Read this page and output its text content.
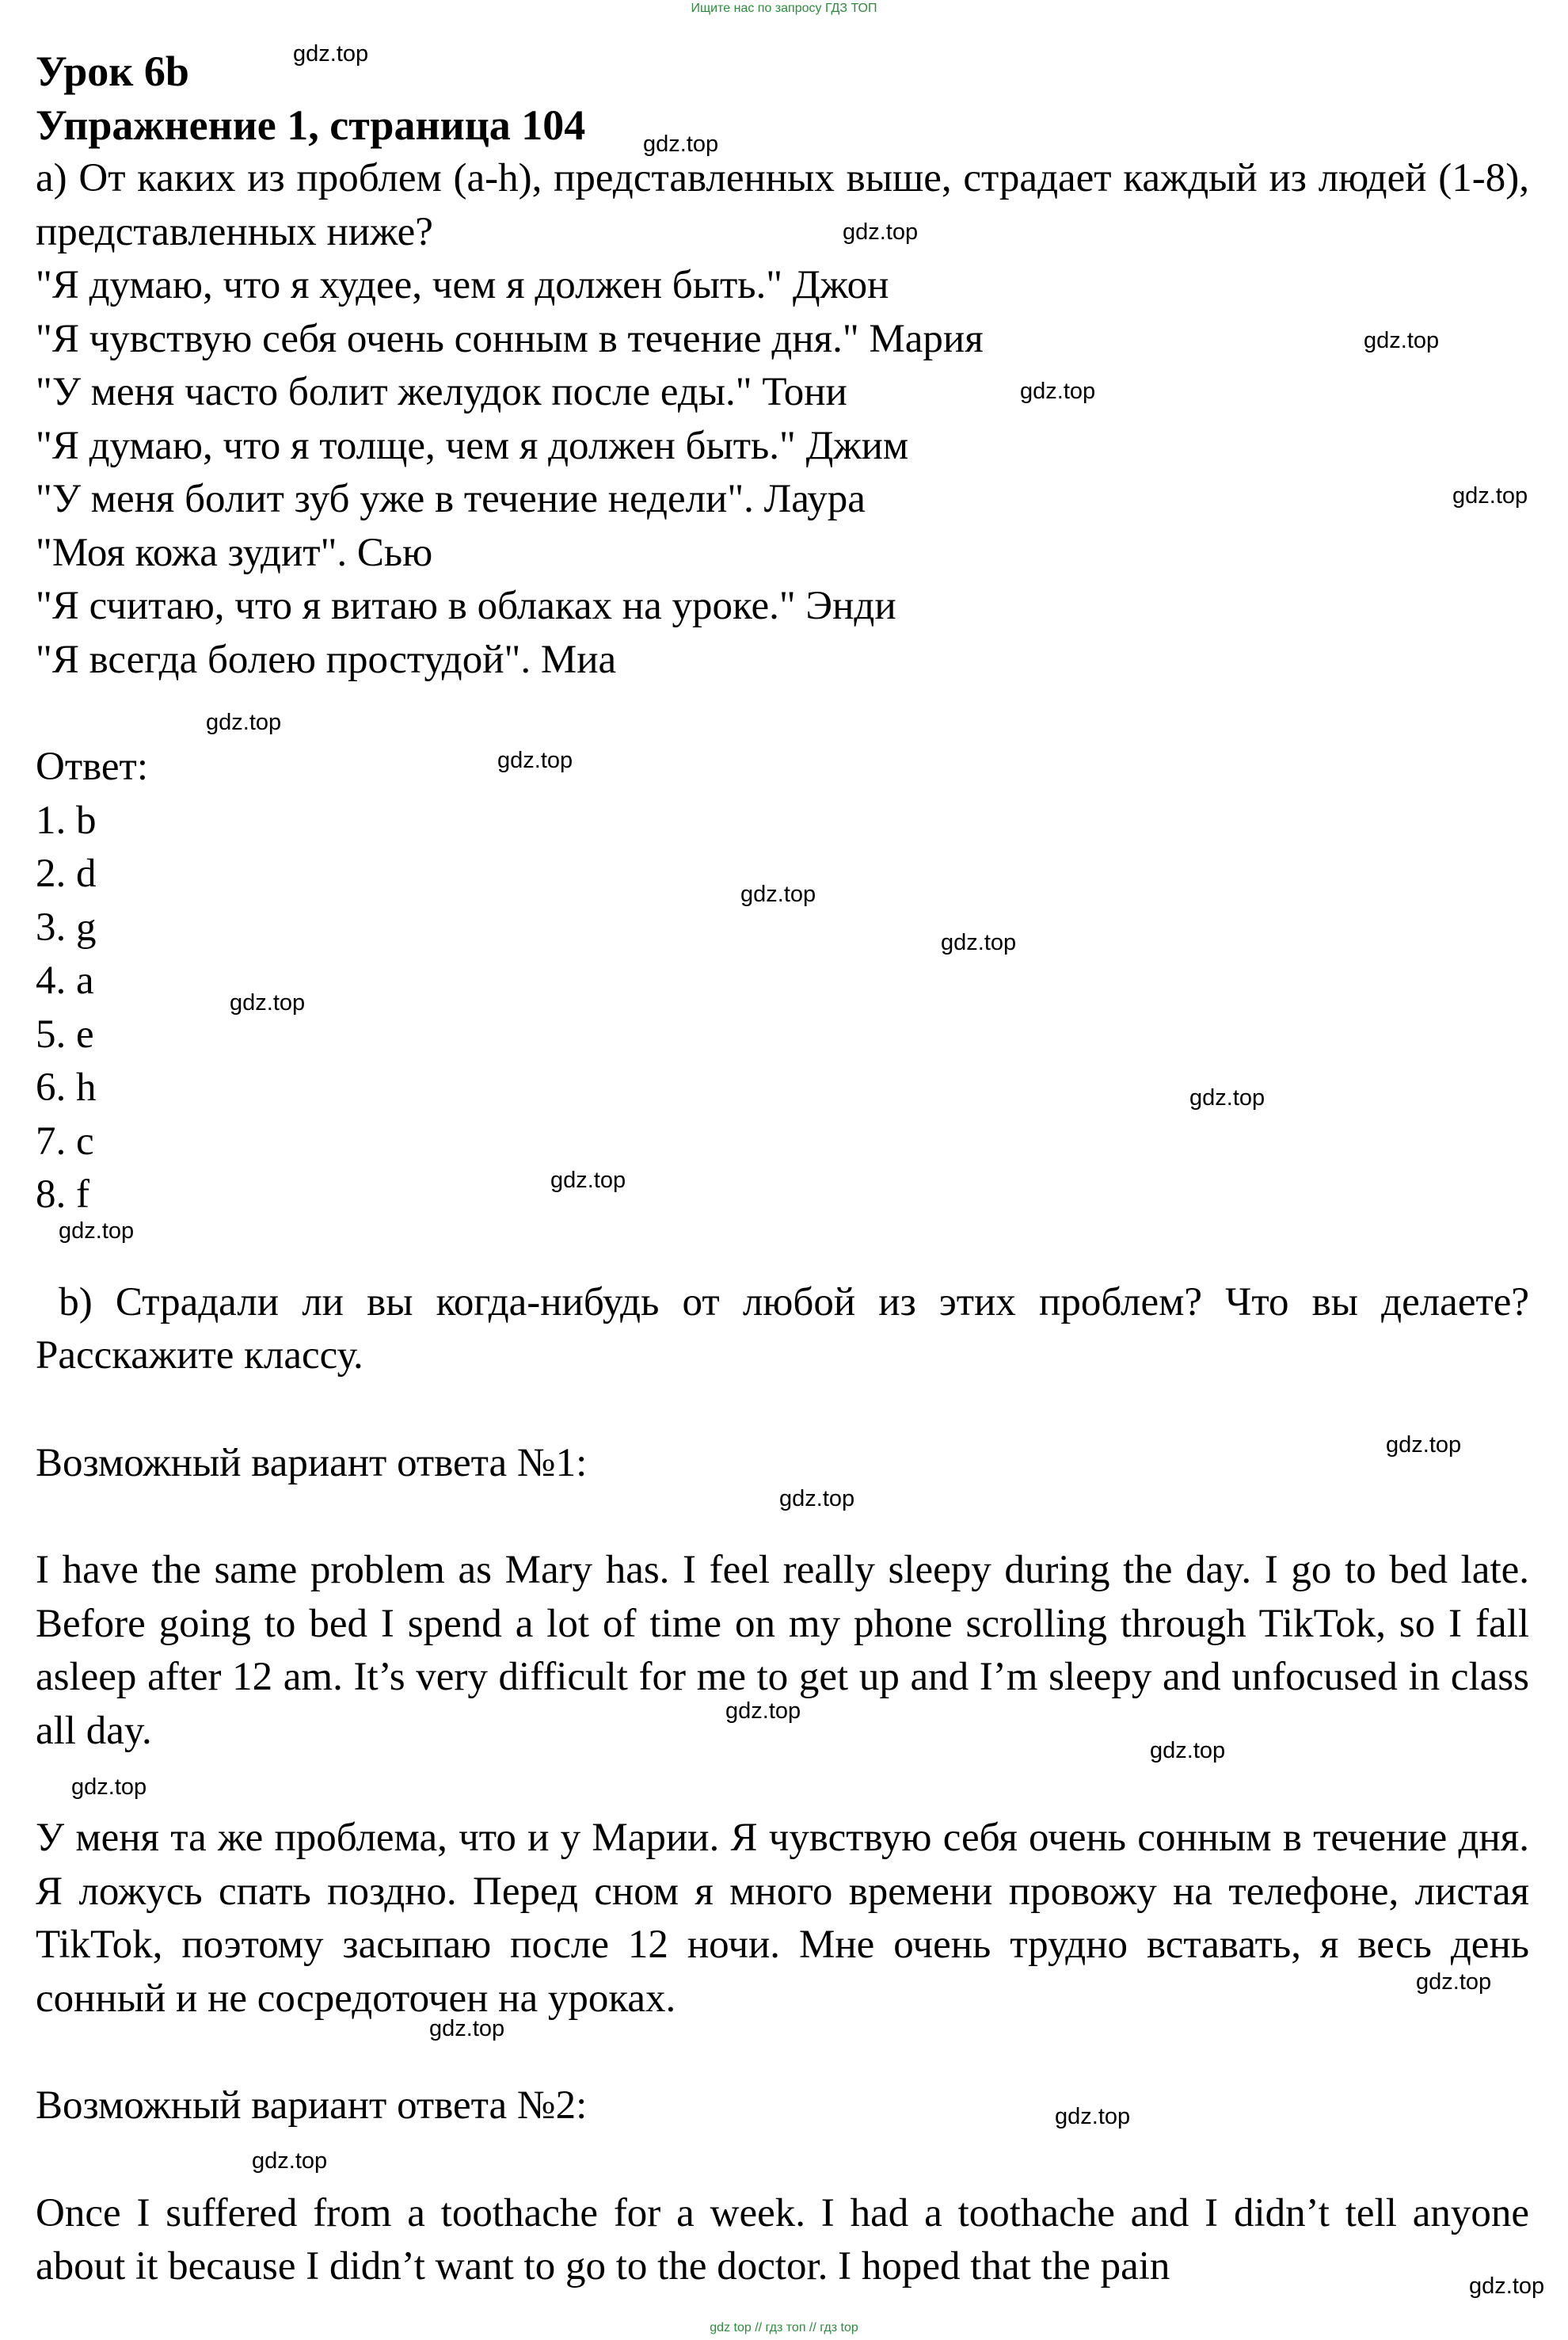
Ищите нас по запросу ГДЗ ТОП
Урок 6b
Упражнение 1, страница 104

а) От каких из проблем (a-h), представленных выше, страдает каждый из людей (1-8), представленных ниже?

"Я думаю, что я худее, чем я должен быть." Джон

"Я чувствую себя очень сонным в течение дня." Мария

"У меня часто болит желудок после еды." Тони

"Я думаю, что я толще, чем я должен быть." Джим

"У меня болит зуб уже в течение недели". Лаура

"Моя кожа зудит". Сью

"Я считаю, что я витаю в облаках на уроке." Энди

"Я всегда болею простудой". Миа

Ответ:

1. b

2. d

3. g

4. a

5. e

6. h

7. c

8. f

b) Страдали ли вы когда-нибудь от любой из этих проблем? Что вы делаете? Расскажите классу.

Возможный вариант ответа №1:

I have the same problem as Mary has. I feel really sleepy during the day. I go to bed late. Before going to bed I spend a lot of time on my phone scrolling through TikTok, so I fall asleep after 12 am. It’s very difficult for me to get up and I’m sleepy and unfocused in class all day.

У меня та же проблема, что и у Марии. Я чувствую себя очень сонным в течение дня. Я ложусь спать поздно. Перед сном я много времени провожу на телефоне, листая TikTok, поэтому засыпаю после 12 ночи. Мне очень трудно вставать, я весь день сонный и не сосредоточен на уроках.

Возможный вариант ответа №2:

Once I suffered from a toothache for a week. I had a toothache and I didn’t tell anyone about it because I didn’t want to go to the doctor. I hoped that the pain

gdz.top
gdz.top
gdz.top
gdz.top
gdz.top
gdz.top
gdz.top
gdz.top
gdz.top
gdz.top
gdz.top
gdz.top
gdz.top
gdz.top
gdz.top
gdz.top
gdz.top
gdz.top
gdz.top
gdz.top
gdz.top
gdz.top
gdz.top
gdz.top
gdz top // гдз топ // гдз top
